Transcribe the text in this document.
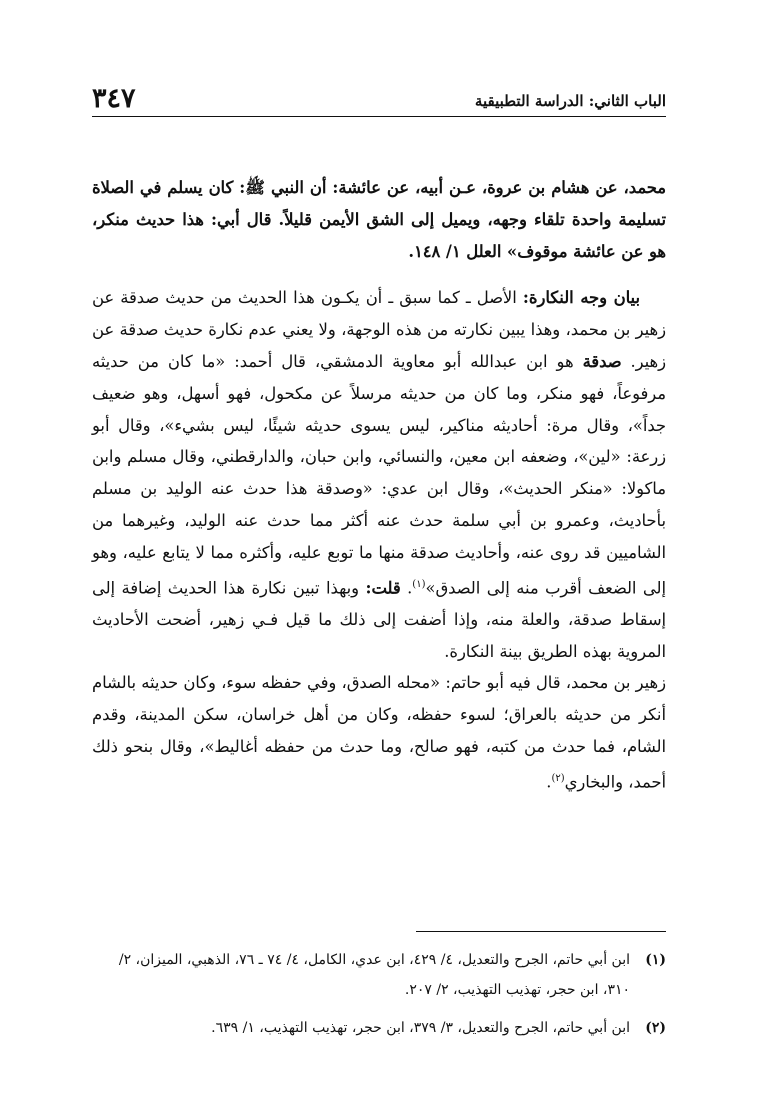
الباب الثاني: الدراسة التطبيقية
٣٤٧

محمد، عن هشام بن عروة، عـن أبيه، عن عائشة: أن النبي ﷺ: كان يسلم في الصلاة تسليمة واحدة تلقاء وجهه، ويميل إلى الشق الأيمن قليلاً. قال أبي: هذا حديث منكر، هو عن عائشة موقوف» العلل ١/ ١٤٨.

بيان وجه النكارة: الأصل ـ كما سبق ـ أن يكـون هذا الحديث من حديث صدقة عن زهير بن محمد، وهذا يبين نكارته من هذه الوجهة، ولا يعني عدم نكارة حديث صدقة عن زهير. صدقة هو ابن عبدالله أبو معاوية الدمشقي، قال أحمد: «ما كان من حديثه مرفوعاً، فهو منكر، وما كان من حديثه مرسلاً عن مكحول، فهو أسهل، وهو ضعيف جداً»، وقال مرة: أحاديثه مناكير، ليس يسوى حديثه شيئًا، ليس بشيء»، وقال أبو زرعة: «لين»، وضعفه ابن معين، والنسائي، وابن حبان، والدارقطني، وقال مسلم وابن ماكولا: «منكر الحديث»، وقال ابن عدي: «وصدقة هذا حدث عنه الوليد بن مسلم بأحاديث، وعمرو بن أبي سلمة حدث عنه أكثر مما حدث عنه الوليد، وغيرهما من الشاميين قد روى عنه، وأحاديث صدقة منها ما توبع عليه، وأكثره مما لا يتابع عليه، وهو إلى الضعف أقرب منه إلى الصدق»$^{(١)}$. قلت: وبهذا تبين نكارة هذا الحديث إضافة إلى إسقاط صدقة، والعلة منه، وإذا أضفت إلى ذلك ما قيل فـي زهير، أضحت الأحاديث المروية بهذه الطريق بينة النكارة.

زهير بن محمد، قال فيه أبو حاتم: «محله الصدق، وفي حفظه سوء، وكان حديثه بالشام أنكر من حديثه بالعراق؛ لسوء حفظه، وكان من أهل خراسان، سكن المدينة، وقدم الشام، فما حدث من كتبه، فهو صالح، وما حدث من حفظه أغاليط»، وقال بنحو ذلك أحمد، والبخاري$^{(٢)}$.

(١)
ابن أبي حاتم، الجرح والتعديل، ٤/ ٤٢٩، ابن عدي، الكامل، ٤/ ٧٤ ـ ٧٦، الذهبي، الميزان، ٢/ ٣١٠، ابن حجر، تهذيب التهذيب، ٢/ ٢٠٧.
(٢)
ابن أبي حاتم، الجرح والتعديل، ٣/ ٣٧٩، ابن حجر، تهذيب التهذيب، ١/ ٦٣٩.
